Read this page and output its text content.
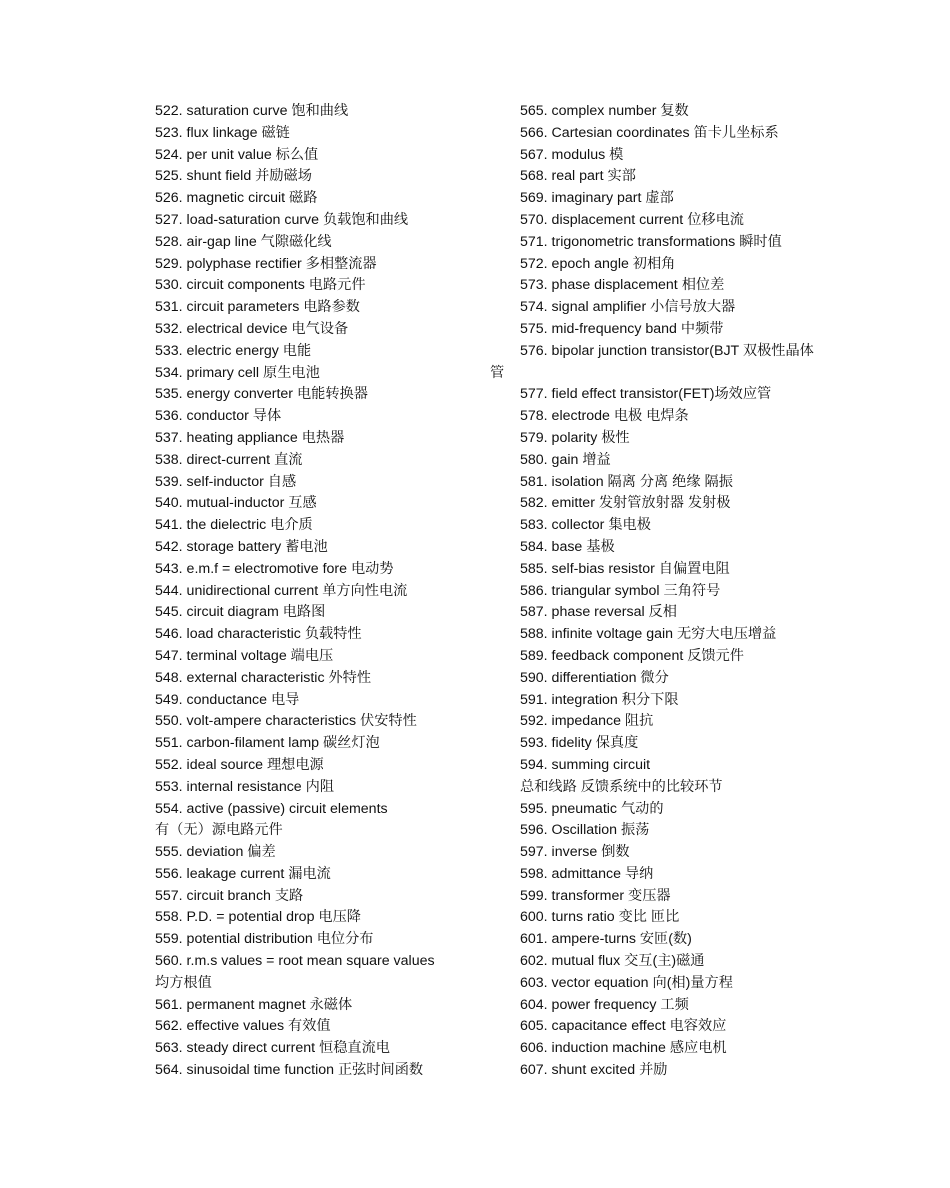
522. saturation curve 饱和曲线
523. flux linkage 磁链
524. per unit value 标么值
525. shunt field 并励磁场
526. magnetic circuit 磁路
527. load-saturation curve 负载饱和曲线
528. air-gap line 气隙磁化线
529. polyphase rectifier 多相整流器
530. circuit components 电路元件
531. circuit parameters 电路参数
532. electrical device 电气设备
533. electric energy 电能
534. primary cell 原生电池
535. energy converter 电能转换器
536. conductor 导体
537. heating appliance 电热器
538. direct-current 直流
539. self-inductor 自感
540. mutual-inductor 互感
541. the dielectric 电介质
542. storage battery 蓄电池
543. e.m.f = electromotive fore 电动势
544. unidirectional current 单方向性电流
545. circuit diagram 电路图
546. load characteristic 负载特性
547. terminal voltage 端电压
548. external characteristic 外特性
549. conductance 电导
550. volt-ampere characteristics 伏安特性
551. carbon-filament lamp 碳丝灯泡
552. ideal source 理想电源
553. internal resistance 内阻
554. active (passive) circuit elements
有（无）源电路元件
555. deviation 偏差
556. leakage current 漏电流
557. circuit branch 支路
558. P.D. = potential drop 电压降
559. potential distribution 电位分布
560. r.m.s values = root mean square values
均方根值
561. permanent magnet 永磁体
562. effective values 有效值
563. steady direct current 恒稳直流电
564. sinusoidal time function 正弦时间函数
管
565. complex number 复数
566. Cartesian coordinates 笛卡儿坐标系
567. modulus 模
568. real part 实部
569. imaginary part 虚部
570. displacement current 位移电流
571. trigonometric transformations 瞬时值
572. epoch angle 初相角
573. phase displacement 相位差
574. signal amplifier 小信号放大器
575. mid-frequency band 中频带
576. bipolar junction transistor(BJT 双极性晶体
577. field effect transistor(FET)场效应管
578. electrode 电极 电焊条
579. polarity 极性
580. gain 增益
581. isolation 隔离 分离 绝缘 隔振
582. emitter 发射管放射器 发射极
583. collector 集电极
584. base 基极
585. self-bias resistor 自偏置电阻
586. triangular symbol 三角符号
587. phase reversal 反相
588. infinite voltage gain 无穷大电压增益
589. feedback component 反馈元件
590. differentiation 微分
591. integration 积分下限
592. impedance 阻抗
593. fidelity 保真度
594. summing circuit
总和线路 反馈系统中的比较环节
595. pneumatic 气动的
596. Oscillation 振荡
597. inverse 倒数
598. admittance 导纳
599. transformer 变压器
600. turns ratio 变比 匝比
601. ampere-turns 安匝(数)
602. mutual flux 交互(主)磁通
603. vector equation 向(相)量方程
604. power frequency 工频
605. capacitance effect 电容效应
606. induction machine 感应电机
607. shunt excited 并励
